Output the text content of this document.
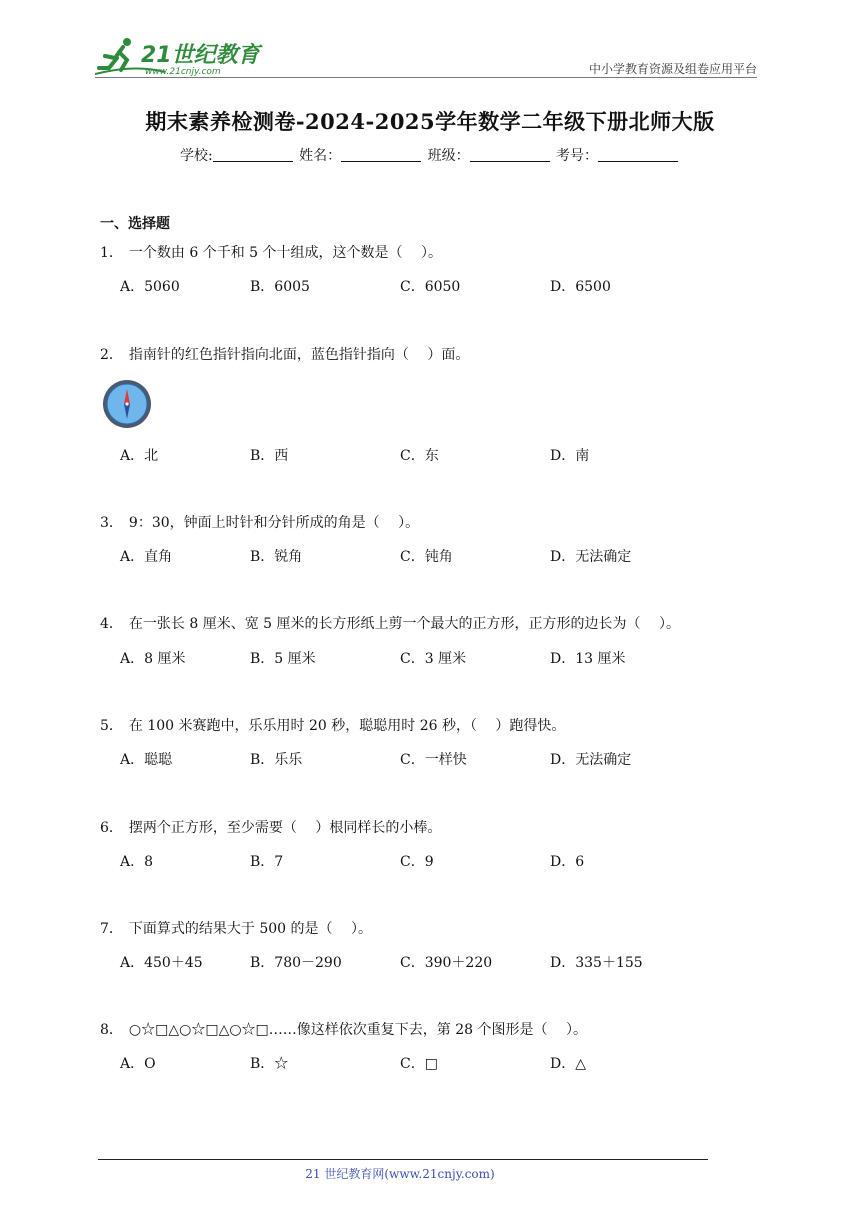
21世纪教育
www.21cnjy.com	中小学教育资源及组卷应用平台
期末素养检测卷-2024-2025学年数学二年级下册北师大版
学校:	姓名：	班级：	考号：
一、选择题
1． 一个数由 6 个千和 5 个十组成，这个数是（　 ）。
A．5060	B．6005	C．6050	D．6500
2． 指南针的红色指针指向北面，蓝色指针指向（　 ）面。
A．北	B．西	C．东	D．南
3． 9：30，钟面上时针和分针所成的角是（　 ）。
A．直角	B．锐角	C．钝角	D．无法确定
4． 在一张长 8 厘米、宽 5 厘米的长方形纸上剪一个最大的正方形，正方形的边长为（　 ）。
A．8 厘米	B．5 厘米	C．3 厘米	D．13 厘米
5． 在 100 米赛跑中，乐乐用时 20 秒，聪聪用时 26 秒，（　 ）跑得快。
A．聪聪	B．乐乐	C．一样快	D．无法确定
6． 摆两个正方形，至少需要（　 ）根同样长的小棒。
A．8	B．7	C．9	D．6
7． 下面算式的结果大于 500 的是（　 ）。
A．450＋45	B．780－290	C．390＋220	D．335＋155
8． ○☆□△○☆□△○☆□……像这样依次重复下去，第 28 个图形是（　 ）。
A．O	B．☆	C．□	D．△
21 世纪教育网(www.21cnjy.com)
